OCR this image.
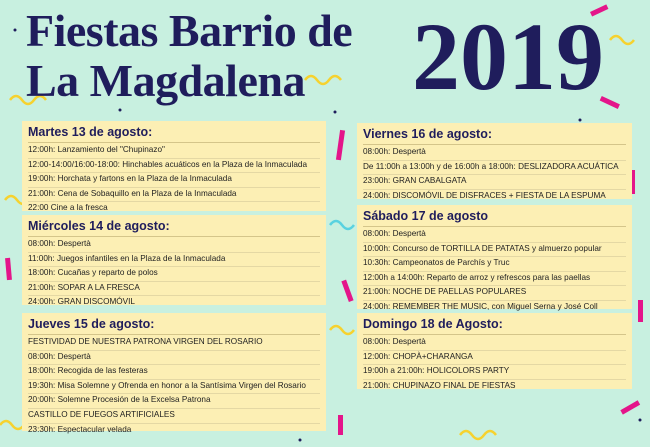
Fiestas Barrio de
La Magdalena	2019
Martes 13 de agosto:
12:00h: Lanzamiento del "Chupinazo"
12:00-14:00/16:00-18:00: Hinchables acuáticos en la Plaza de la Inmaculada
19:00h: Horchata y fartons en la Plaza de la Inmaculada
21:00h: Cena de Sobaquillo en la Plaza de la Inmaculada
22:00 Cine a la fresca
Miércoles 14 de agosto:
08:00h: Despertà
11:00h: Juegos infantiles en la Plaza de la Inmaculada
18:00h: Cucañas y reparto de polos
21:00h: SOPAR A LA FRESCA
24:00h: GRAN DISCOMÓVIL
Jueves 15 de agosto:
FESTIVIDAD DE NUESTRA PATRONA VIRGEN DEL ROSARIO
08:00h: Despertà
18:00h: Recogida de las festeras
19:30h: Misa Solemne y Ofrenda en honor a la Santísima Virgen del Rosario
20:00h: Solemne Procesión de la Excelsa Patrona
CASTILLO DE FUEGOS ARTIFICIALES
23:30h: Espectacular velada
Viernes 16 de agosto:
08:00h: Despertà
De 11:00h a 13:00h y de 16:00h a 18:00h: DESLIZADORA ACUÁTICA
23:00h: GRAN CABALGATA
24:00h: DISCOMÓVIL DE DISFRACES + FIESTA DE LA ESPUMA
Sábado 17 de agosto
08:00h: Despertà
10:00h: Concurso de TORTILLA DE PATATAS y almuerzo popular
10:30h: Campeonatos de Parchís y Truc
12:00h a 14:00h: Reparto de arroz y refrescos para las paellas
21:00h: NOCHE DE PAELLAS POPULARES
24:00h: REMEMBER THE MUSIC, con Miguel Serna y José Coll
Domingo 18 de Agosto:
08:00h: Despertà
12:00h: CHOPÀ+CHARANGA
19:00h a 21:00h: HOLICOLORS PARTY
21:00h: CHUPINAZO FINAL DE FIESTAS
